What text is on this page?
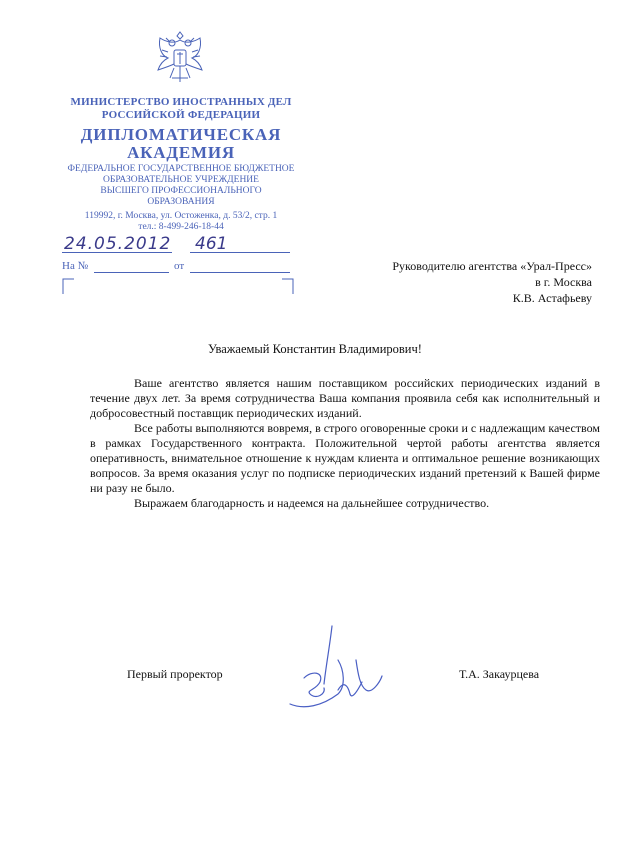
МИНИСТЕРСТВО ИНОСТРАННЫХ ДЕЛ
РОССИЙСКОЙ ФЕДЕРАЦИИ
ДИПЛОМАТИЧЕСКАЯ
АКАДЕМИЯ
ФЕДЕРАЛЬНОЕ ГОСУДАРСТВЕННОЕ БЮДЖЕТНОЕ
ОБРАЗОВАТЕЛЬНОЕ УЧРЕЖДЕНИЕ
ВЫСШЕГО ПРОФЕССИОНАЛЬНОГО
ОБРАЗОВАНИЯ
119992, г. Москва, ул. Остоженка, д. 53/2, стр. 1
тел.: 8-499-246-18-44
24.05.2012 461
На №	от	Руководителю агентства «Урал-Пресс»
в г. Москва
К.В. Астафьеву
Уважаемый Константин Владимирович!

Ваше агентство является нашим поставщиком российских периодических изданий в течение двух лет. За время сотрудничества Ваша компания проявила себя как исполнительный и добросовестный поставщик периодических изданий.

Все работы выполняются вовремя, в строго оговоренные сроки и с надлежащим качеством в рамках Государственного контракта. Положительной чертой работы агентства является оперативность, внимательное отношение к нуждам клиента и оптимальное решение возникающих вопросов. За время оказания услуг по подписке периодических изданий претензий к Вашей фирме ни разу не было.

Выражаем благодарность и надеемся на дальнейшее сотрудничество.

Первый проректор	Т.А. Закаурцева
